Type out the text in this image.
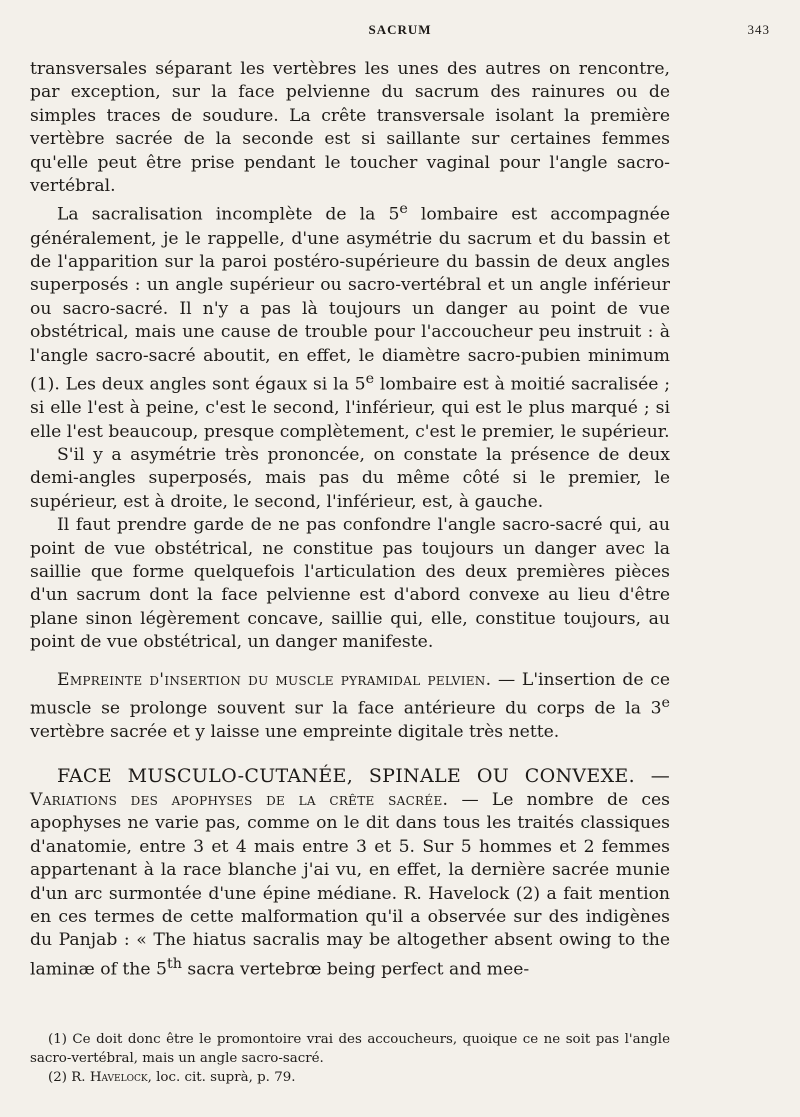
SACRUM	343

transversales séparant les vertèbres les unes des autres on rencontre, par exception, sur la face pelvienne du sacrum des rainures ou de simples traces de soudure. La crête transversale isolant la première vertèbre sacrée de la seconde est si saillante sur certaines femmes qu'elle peut être prise pendant le toucher vaginal pour l'angle sacro-vertébral.

La sacralisation incomplète de la 5e lombaire est accompagnée généralement, je le rappelle, d'une asymétrie du sacrum et du bassin et de l'apparition sur la paroi postéro-supérieure du bassin de deux angles superposés : un angle supérieur ou sacro-vertébral et un angle inférieur ou sacro-sacré. Il n'y a pas là toujours un danger au point de vue obstétrical, mais une cause de trouble pour l'accoucheur peu instruit : à l'angle sacro-sacré aboutit, en effet, le diamètre sacro-pubien minimum (1). Les deux angles sont égaux si la 5e lombaire est à moitié sacralisée ; si elle l'est à peine, c'est le second, l'inférieur, qui est le plus marqué ; si elle l'est beaucoup, presque complètement, c'est le premier, le supérieur.

S'il y a asymétrie très prononcée, on constate la présence de deux demi-angles superposés, mais pas du même côté si le premier, le supérieur, est à droite, le second, l'inférieur, est, à gauche.

Il faut prendre garde de ne pas confondre l'angle sacro-sacré qui, au point de vue obstétrical, ne constitue pas toujours un danger avec la saillie que forme quelquefois l'articulation des deux premières pièces d'un sacrum dont la face pelvienne est d'abord convexe au lieu d'être plane sinon légèrement concave, saillie qui, elle, constitue toujours, au point de vue obstétrical, un danger manifeste.

Empreinte d'insertion du muscle pyramidal pelvien. — L'insertion de ce muscle se prolonge souvent sur la face antérieure du corps de la 3e vertèbre sacrée et y laisse une empreinte digitale très nette.

FACE MUSCULO-CUTANÉE, SPINALE OU CONVEXE. — Variations des apophyses de la crête sacrée. — Le nombre de ces apophyses ne varie pas, comme on le dit dans tous les traités classiques d'anatomie, entre 3 et 4 mais entre 3 et 5. Sur 5 hommes et 2 femmes appartenant à la race blanche j'ai vu, en effet, la dernière sacrée munie d'un arc surmontée d'une épine médiane. R. Havelock (2) a fait mention en ces termes de cette malformation qu'il a observée sur des indigènes du Panjab : « The hiatus sacralis may be altogether absent owing to the laminæ of the 5th sacra vertebrœ being perfect and mee-

(1) Ce doit donc être le promontoire vrai des accoucheurs, quoique ce ne soit pas l'angle sacro-vertébral, mais un angle sacro-sacré.

(2) R. Havelock, loc. cit. suprà, p. 79.
